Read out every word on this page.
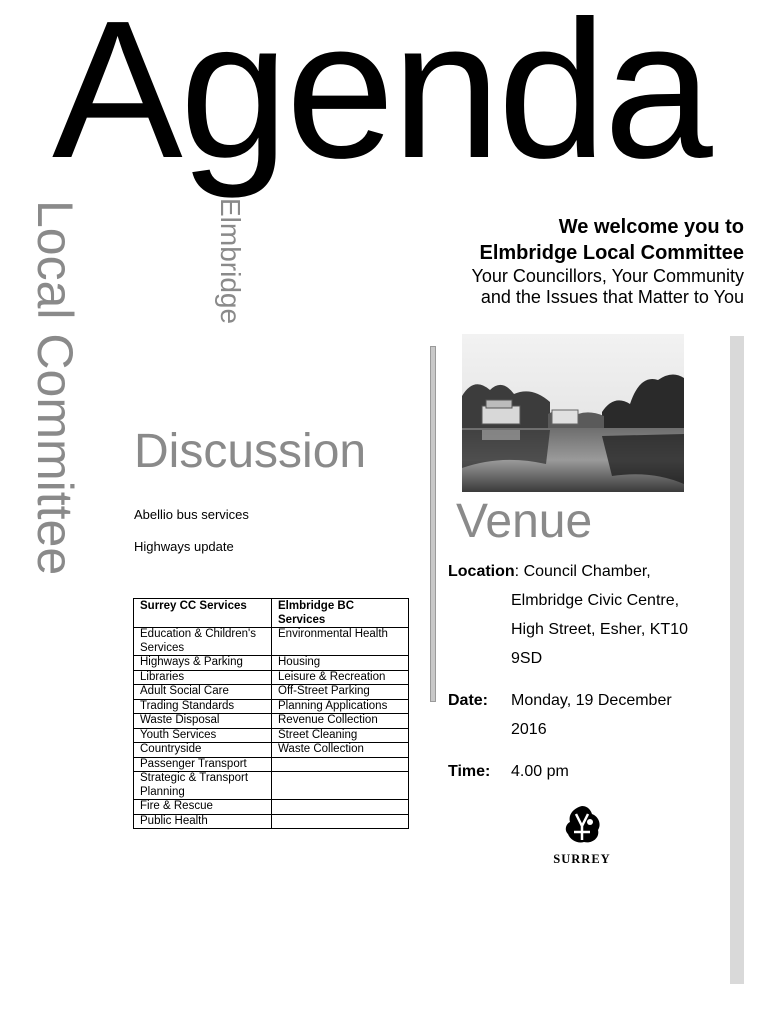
Agenda
Elmbridge
Local Committee	We welcome you to
Elmbridge Local Committee
Your Councillors, Your Community
and the Issues that Matter to You
Discussion
Abellio bus services
Highways update
Surrey CC Services	Elmbridge BC Services
Education & Children's Services	Environmental Health
Highways & Parking	Housing
Libraries	Leisure & Recreation
Adult Social Care	Off-Street Parking
Trading Standards	Planning Applications
Waste Disposal	Revenue Collection
Youth Services	Street Cleaning
Countryside	Waste Collection
Passenger Transport	
Strategic & Transport Planning	
Fire & Rescue	
Public Health	
Venue
Location: Council Chamber,
Elmbridge Civic Centre,
High Street, Esher, KT10
9SD
Date: Monday, 19 December
2016
Time: 4.00 pm
SURREY
